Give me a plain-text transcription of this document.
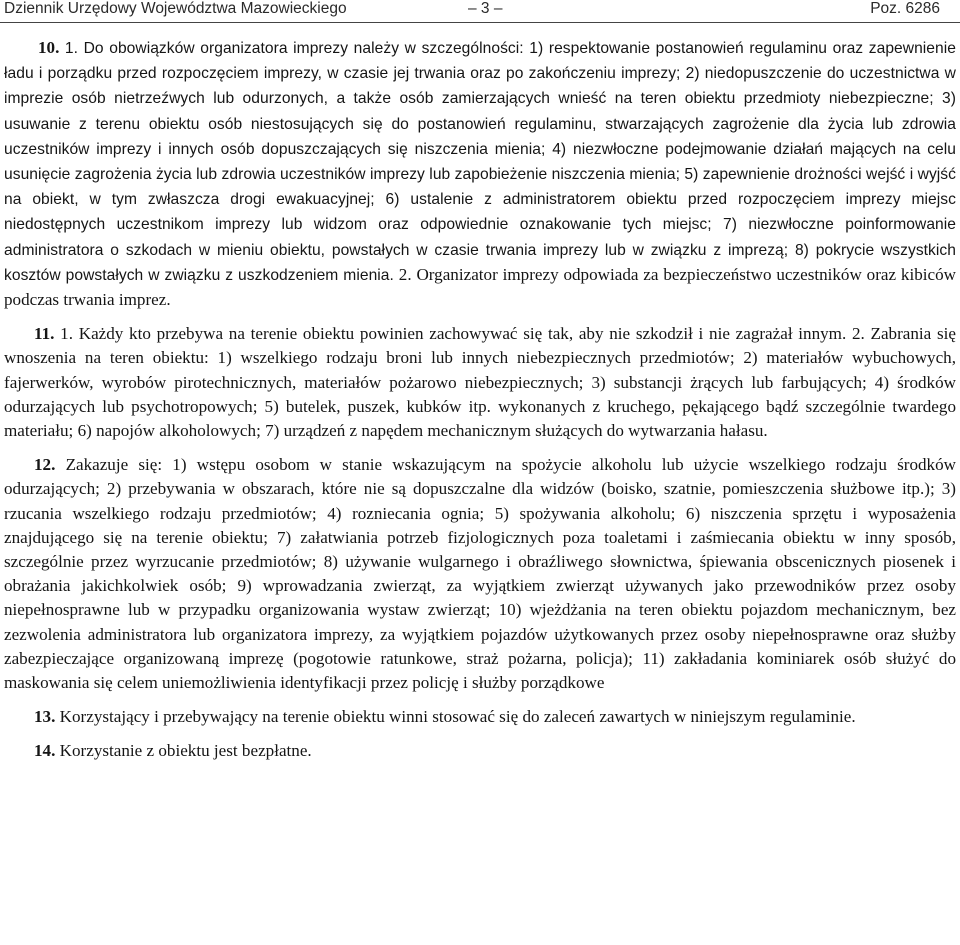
Dziennik Urzędowy Województwa Mazowieckiego	– 3 –	Poz. 6286

10. 1. Do obowiązków organizatora imprezy należy w szczególności: 1) respektowanie postanowień regulaminu oraz zapewnienie ładu i porządku przed rozpoczęciem imprezy, w czasie jej trwania oraz po zakończeniu imprezy; 2) niedopuszczenie do uczestnictwa w imprezie osób nietrzeźwych lub odurzonych, a także osób zamierzających wnieść na teren obiektu przedmioty niebezpieczne; 3) usuwanie z terenu obiektu osób niestosujących się do postanowień regulaminu, stwarzających zagrożenie dla życia lub zdrowia uczestników imprezy i innych osób dopuszczających się niszczenia mienia; 4) niezwłoczne podejmowanie działań mających na celu usunięcie zagrożenia życia lub zdrowia uczestników imprezy lub zapobieżenie niszczenia mienia; 5) zapewnienie drożności wejść i wyjść na obiekt, w tym zwłaszcza drogi ewakuacyjnej; 6) ustalenie z administratorem obiektu przed rozpoczęciem imprezy miejsc niedostępnych uczestnikom imprezy lub widzom oraz odpowiednie oznakowanie tych miejsc; 7) niezwłoczne poinformowanie administratora o szkodach w mieniu obiektu, powstałych w czasie trwania imprezy lub w związku z imprezą; 8) pokrycie wszystkich kosztów powstałych w związku z uszkodzeniem mienia. 2. Organizator imprezy odpowiada za bezpieczeństwo uczestników oraz kibiców podczas trwania imprez.

11. 1. Każdy kto przebywa na terenie obiektu powinien zachowywać się tak, aby nie szkodził i nie zagrażał innym. 2. Zabrania się wnoszenia na teren obiektu: 1) wszelkiego rodzaju broni lub innych niebezpiecznych przedmiotów; 2) materiałów wybuchowych, fajerwerków, wyrobów pirotechnicznych, materiałów pożarowo niebezpiecznych; 3) substancji żrących lub farbujących; 4) środków odurzających lub psychotropowych; 5) butelek, puszek, kubków itp. wykonanych z kruchego, pękającego bądź szczególnie twardego materiału; 6) napojów alkoholowych; 7) urządzeń z napędem mechanicznym służących do wytwarzania hałasu.

12. Zakazuje się: 1) wstępu osobom w stanie wskazującym na spożycie alkoholu lub użycie wszelkiego rodzaju środków odurzających; 2) przebywania w obszarach, które nie są dopuszczalne dla widzów (boisko, szatnie, pomieszczenia służbowe itp.); 3) rzucania wszelkiego rodzaju przedmiotów; 4) rozniecania ognia; 5) spożywania alkoholu; 6) niszczenia sprzętu i wyposażenia znajdującego się na terenie obiektu; 7) załatwiania potrzeb fizjologicznych poza toaletami i zaśmiecania obiektu w inny sposób, szczególnie przez wyrzucanie przedmiotów; 8) używanie wulgarnego i obraźliwego słownictwa, śpiewania obscenicznych piosenek i obrażania jakichkolwiek osób; 9) wprowadzania zwierząt, za wyjątkiem zwierząt używanych jako przewodników przez osoby niepełnosprawne lub w przypadku organizowania wystaw zwierząt; 10) wjeżdżania na teren obiektu pojazdom mechanicznym, bez zezwolenia administratora lub organizatora imprezy, za wyjątkiem pojazdów użytkowanych przez osoby niepełnosprawne oraz służby zabezpieczające organizowaną imprezę (pogotowie ratunkowe, straż pożarna, policja); 11) zakładania kominiarek osób służyć do maskowania się celem uniemożliwienia identyfikacji przez policję i służby porządkowe

13. Korzystający i przebywający na terenie obiektu winni stosować się do zaleceń zawartych w niniejszym regulaminie.

14. Korzystanie z obiektu jest bezpłatne.
